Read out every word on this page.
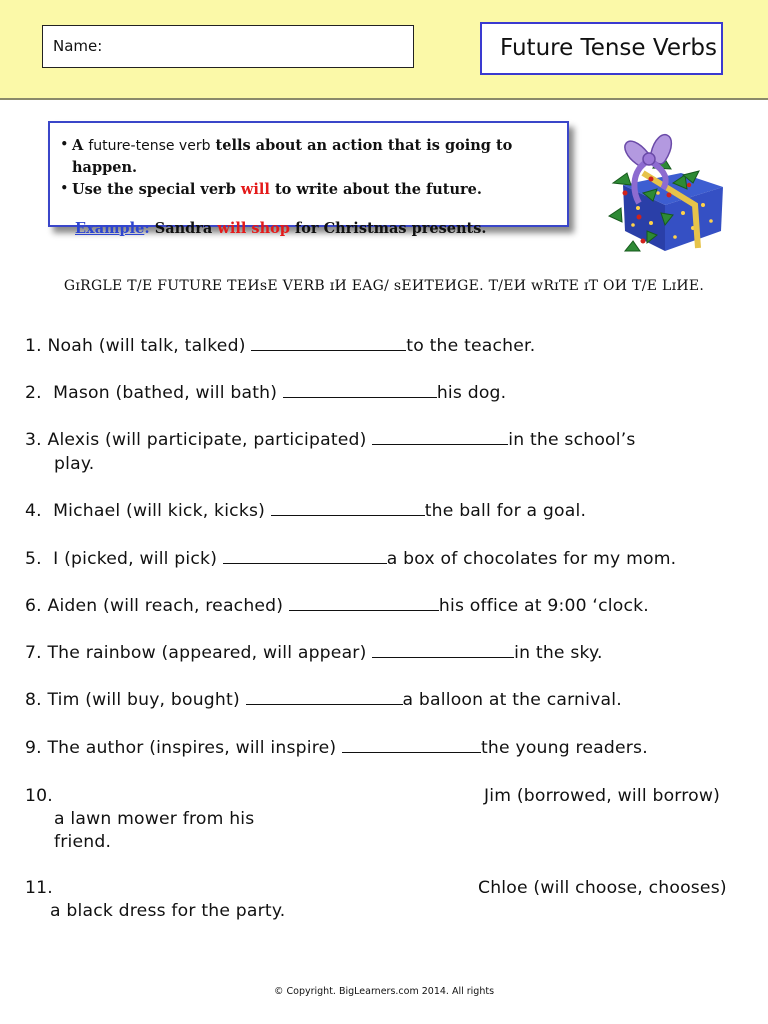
Name:	Future Tense Verbs
• A future-tense verb tells about an action that is going to happen.
• Use the special verb will to write about the future.
Example: Sandra will shop for Christmas presents.
GɪRGLE T/E FUTURE TEИsE VERB ɪИ EAG/ sEИTEИGE. T/EИ wRɪTE ɪT OИ T/E LɪИE.
1. Noah (will talk, talked)	to the teacher.
2. Mason (bathed, will bath)	his dog.
3. Alexis (will participate, participated)	in the school’s
play.
4. Michael (will kick, kicks)	the ball for a goal.
5. I (picked, will pick)	a box of chocolates for my mom.
6. Aiden (will reach, reached)	his office at 9:00 ‘clock.
7. The rainbow (appeared, will appear)	in the sky.
8. Tim (will buy, bought)	a balloon at the carnival.
9. The author (inspires, will inspire)	the young readers.
10.	Jim (borrowed, will borrow)
a lawn mower from his
friend.
11.	Chloe (will choose, chooses)
a black dress for the party.
© Copyright. BigLearners.com 2014. All rights
